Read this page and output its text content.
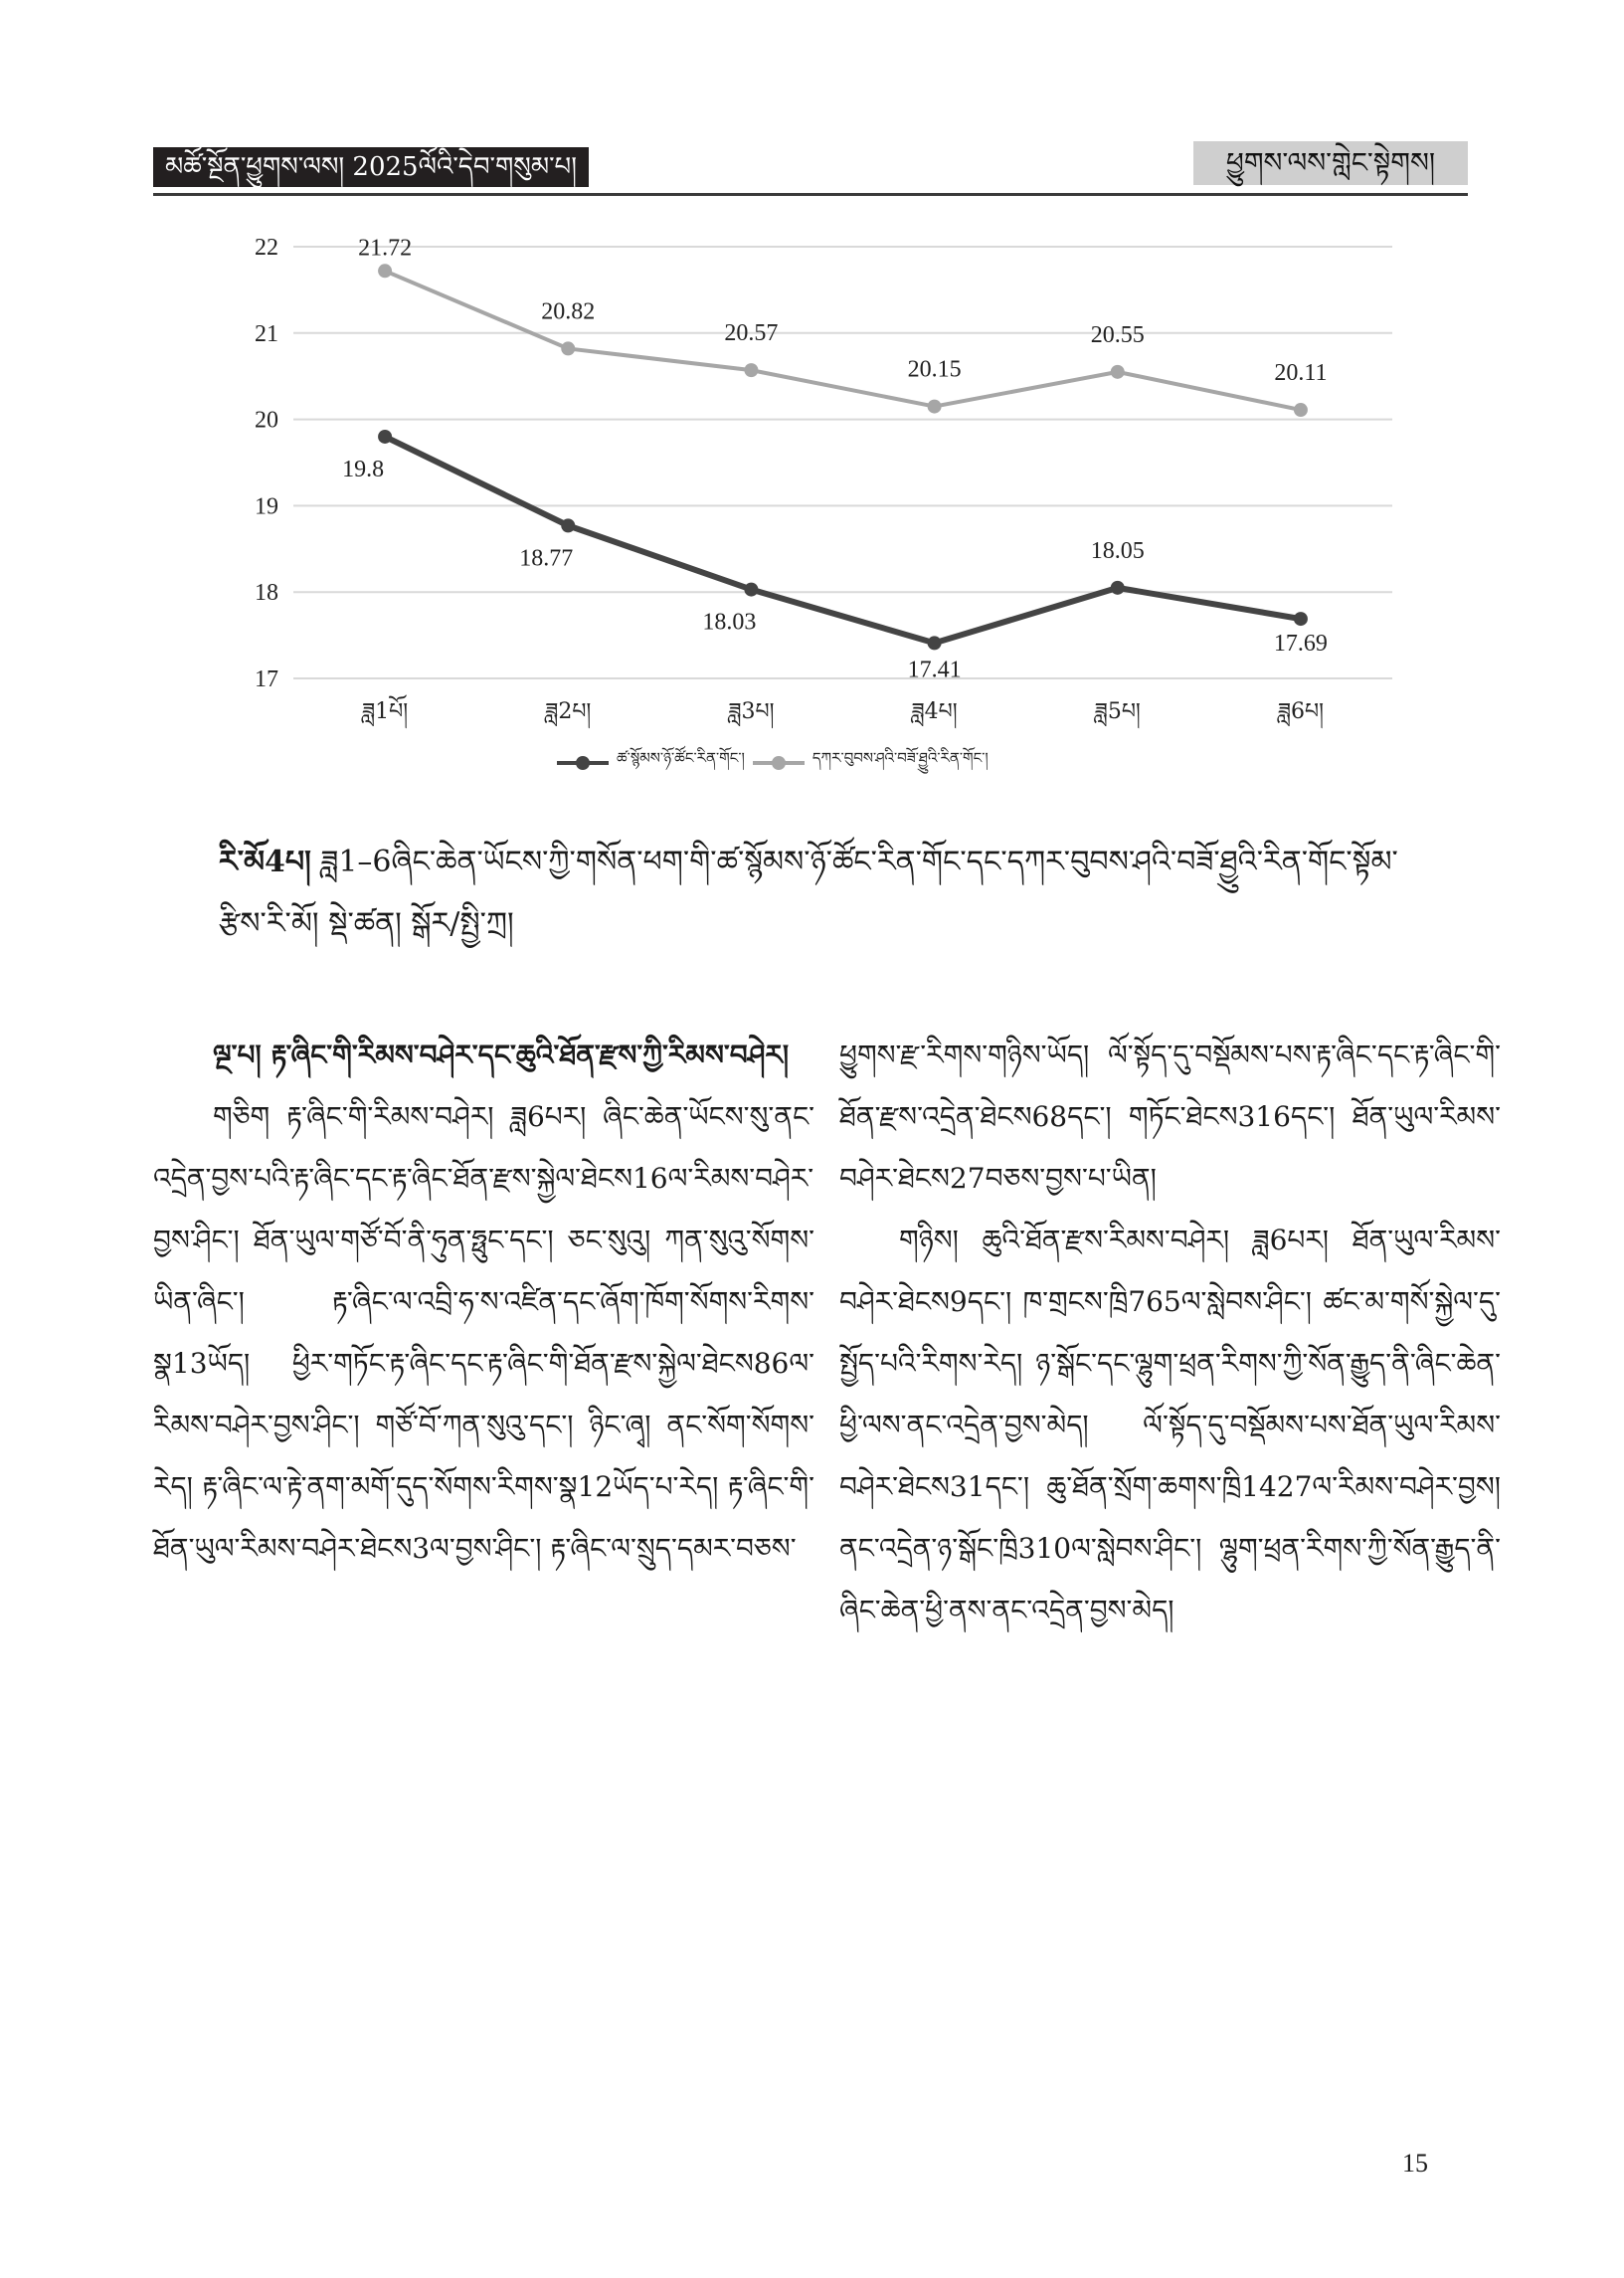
མཚོ་སྔོན་ཕྱུགས་ལས། 2025ལོའི་དེབ་གསུམ་པ།	ཕྱུགས་ལས་གླེང་སྟེགས།
17
18
19
20
21
22
ཟླ1པོ།	ཟླ2པ།	ཟླ3པ།	ཟླ4པ།	ཟླ5པ།	ཟླ6པ།
21.72
20.82
20.57
20.15
20.55
20.11
19.8
18.77
18.03
17.41
18.05
17.69
ཚ་སྙོམས་ཉོ་ཚོང་རིན་གོང་།	དཀར་བུབས་ཤའི་བཟོ་ཐྱུའི་རིན་གོང་།
རི་མོ4པ། ཟླ1–6ཞིང་ཆེན་ཡོངས་ཀྱི་གསོན་ཕག་གི་ཚ་སྙོམས་ཉོ་ཚོང་རིན་གོང་དང་དཀར་བུབས་ཤའི་བཟོ་ཐྱུའི་རིན་གོང་སྟོམ་རྩིས་རི་མོ། སྡེ་ཚན། སྒོར/སྤྱི་ཀྲ།

ལྔ་པ། རྟ་ཞིང་གི་རིམས་བཤེར་དང་ཆུའི་ཐོན་རྫས་ཀྱི་རིམས་བཤེར།

གཅིག རྟ་ཞིང་གི་རིམས་བཤེར། ཟླ6པར། ཞིང་ཆེན་ཡོངས་སུ་ནང་འདྲེན་བྱས་པའི་རྟ་ཞིང་དང་རྟ་ཞིང་ཐོན་རྫས་སྐྱེལ་ཐེངས16ལ་རིམས་བཤེར་བྱས་ཤིང་། ཐོན་ཡུལ་གཙོ་བོ་ནི་ཧུན་ཧྥུང་དང་། ཅང་སུའུ། ཀན་སུའུ་སོགས་ཡིན་ཞིང་། རྟ་ཞིང་ལ་འབྲི་ཧ་ས་འཛིན་དང་ཞོག་ཁོག་སོགས་རིགས་སྣ13ཡོད། ཕྱིར་གཏོང་རྟ་ཞིང་དང་རྟ་ཞིང་གི་ཐོན་རྫས་སྐྱེལ་ཐེངས86ལ་རིམས་བཤེར་བྱས་ཤིང་། གཙོ་བོ་ཀན་སུའུ་དང་། ཉིང་ཞྭ། ནང་སོག་སོགས་རེད། རྟ་ཞིང་ལ་རྟེ་ནག་མགོ་དུད་སོགས་རིགས་སྣ12ཡོད་པ་རེད། རྟ་ཞིང་གི་ཐོན་ཡུལ་རིམས་བཤེར་ཐེངས3ལ་བྱས་ཤིང་། རྟ་ཞིང་ལ་སྲུད་དམར་བཅས་

ཕྱུགས་རྫ་རིགས་གཉིས་ཡོད། ལོ་སྟོད་དུ་བསྡོམས་པས་རྟ་ཞིང་དང་རྟ་ཞིང་གི་ཐོན་རྫས་འདྲེན་ཐེངས68དང་། གཏོང་ཐེངས316དང་། ཐོན་ཡུལ་རིམས་བཤེར་ཐེངས27བཅས་བྱས་པ་ཡིན།

གཉིས། ཆུའི་ཐོན་རྫས་རིམས་བཤེར། ཟླ6པར། ཐོན་ཡུལ་རིམས་བཤེར་ཐེངས9དང་། ཁ་གྲངས་ཁྲི765ལ་སླེབས་ཤིང་། ཚང་མ་གསོ་སྐྱེལ་དུ་སྤྱོད་པའི་རིགས་རེད། ཉ་སྒོང་དང་ལྷུག་ཕྲན་རིགས་ཀྱི་སོན་རྒྱུད་ནི་ཞིང་ཆེན་ཕྱི་ལས་ནང་འདྲེན་བྱས་མེད། ལོ་སྟོད་དུ་བསྡོམས་པས་ཐོན་ཡུལ་རིམས་བཤེར་ཐེངས31དང་། ཆུ་ཐོན་སྲོག་ཆགས་ཁྲི1427ལ་རིམས་བཤེར་བྱས། ནང་འདྲེན་ཉ་སྒོང་ཁྲི310ལ་སླེབས་ཤིང་། ལྷུག་ཕྲན་རིགས་ཀྱི་སོན་རྒྱུད་ནི་ཞིང་ཆེན་ཕྱི་ནས་ནང་འདྲེན་བྱས་མེད།

15
